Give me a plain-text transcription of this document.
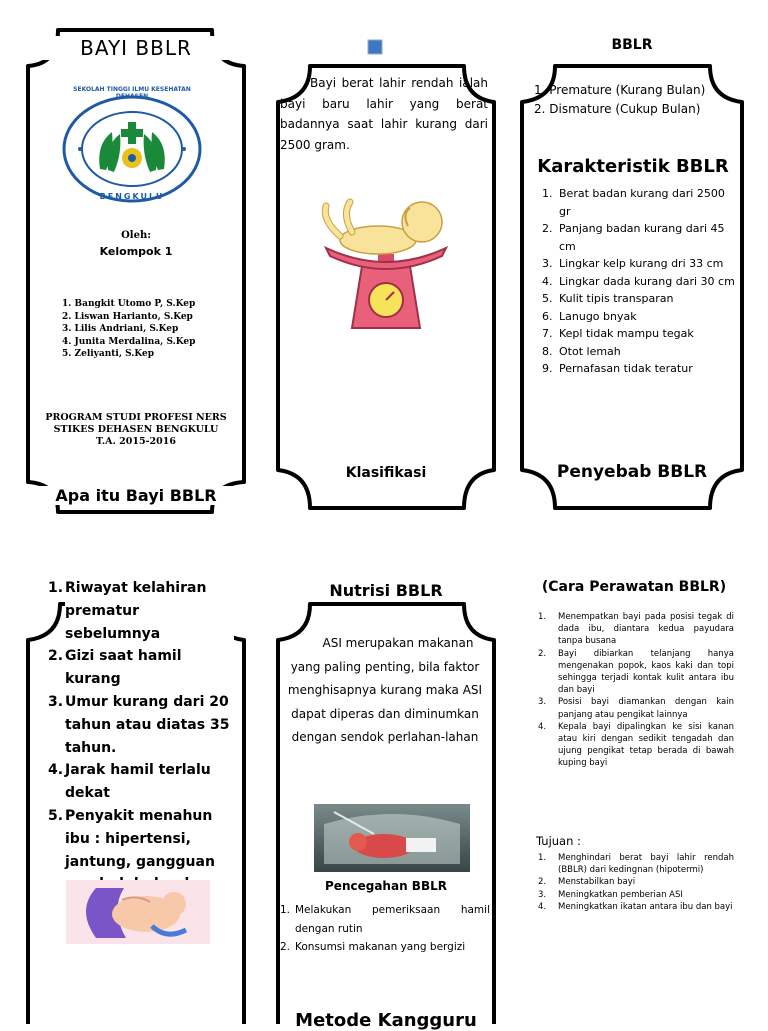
BAYI BBLR
SEKOLAH TINGGI ILMU KESEHATAN DEHASEN
BENGKULU
Oleh:
Kelompok 1
1. Bangkit Utomo P, S.Kep
2. Liswan Harianto, S.Kep
3. Lilis Andriani, S.Kep
4. Junita Merdalina, S.Kep
5. Zeliyanti, S.Kep
PROGRAM STUDI PROFESI NERS
STIKES DEHASEN BENGKULU
T.A. 2015-2016
Apa itu Bayi BBLR
Bayi berat lahir rendah ialah bayi baru lahir yang berat badannya saat lahir kurang dari 2500 gram.
Klasifikasi
BBLR
1. Premature (Kurang Bulan)
2. Dismature (Cukup Bulan)
Karakteristik BBLR
1. Berat badan kurang dari 2500 gr
2. Panjang badan kurang dari 45 cm
3. Lingkar kelp kurang dri 33 cm
4. Lingkar dada kurang dari 30 cm
5. Kulit tipis transparan
6. Lanugo bnyak
7. Kepl tidak mampu tegak
8. Otot lemah
9. Pernafasan tidak teratur
Penyebab BBLR
1. Riwayat kelahiran prematur sebelumnya
2. Gizi saat hamil kurang
3. Umur kurang dari 20 tahun atau diatas 35 tahun.
4. Jarak hamil terlalu dekat
5. Penyakit menahun ibu : hipertensi, jantung, gangguan
Nutrisi BBLR
ASI merupakan makanan yang paling penting, bila faktor menghisapnya kurang maka ASI dapat diperas dan diminumkan dengan sendok perlahan-lahan
Pencegahan BBLR
1. Melakukan pemeriksaan hamil dengan rutin
2. Konsumsi makanan yang bergizi
Metode Kangguru
(Cara Perawatan BBLR)
1.	Menempatkan bayi pada posisi tegak di dada ibu, diantara kedua payudara tanpa busana
2.	Bayi dibiarkan telanjang hanya mengenakan popok, kaos kaki dan topi sehingga terjadi kontak kulit antara ibu dan bayi
3.	Posisi bayi diamankan dengan kain panjang atau pengikat lainnya
4.	Kepala bayi dipalingkan ke sisi kanan atau kiri dengan sedikit tengadah dan ujung pengikat tetap berada di bawah kuping bayi
Tujuan :
1.	Menghindari berat bayi lahir rendah (BBLR) dari kedingnan (hipotermi)
2.	Menstabilkan bayi
3.	Meningkatkan pemberian ASI
4.	Meningkatkan ikatan antara ibu dan bayi
